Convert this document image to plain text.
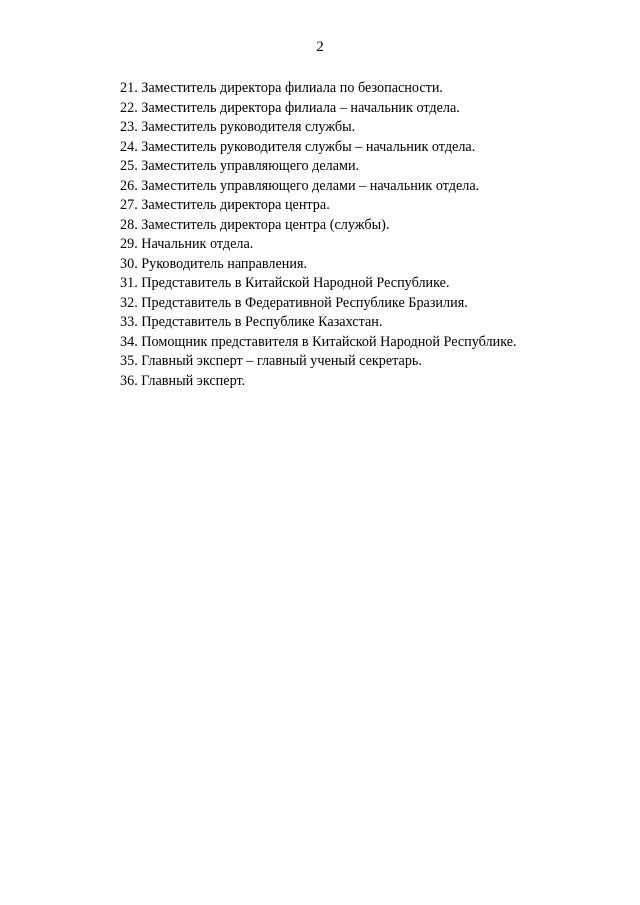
2
21. Заместитель директора филиала по безопасности.
22. Заместитель директора филиала – начальник отдела.
23. Заместитель руководителя службы.
24. Заместитель руководителя службы – начальник отдела.
25. Заместитель управляющего делами.
26. Заместитель управляющего делами – начальник отдела.
27. Заместитель директора центра.
28. Заместитель директора центра (службы).
29. Начальник отдела.
30. Руководитель направления.
31. Представитель в Китайской Народной Республике.
32. Представитель в Федеративной Республике Бразилия.
33. Представитель в Республике Казахстан.
34. Помощник представителя в Китайской Народной Республике.
35. Главный эксперт – главный ученый секретарь.
36. Главный эксперт.
